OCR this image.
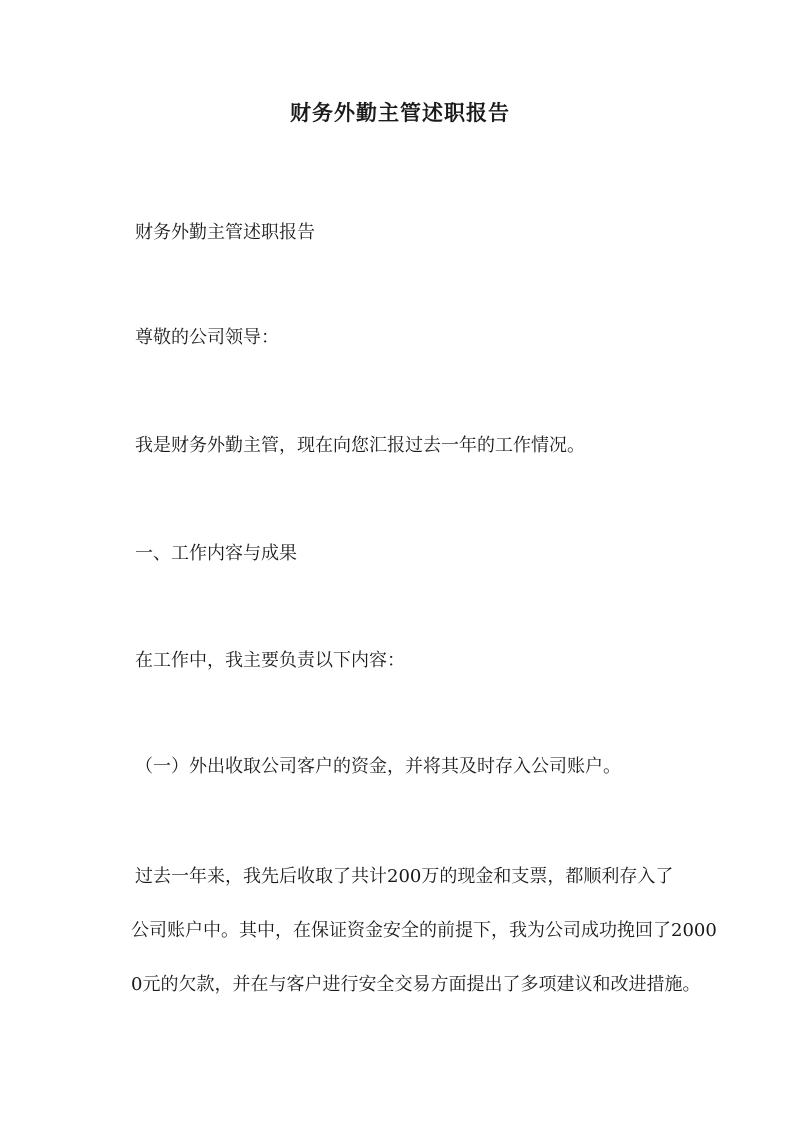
财务外勤主管述职报告
财务外勤主管述职报告
尊敬的公司领导：
我是财务外勤主管，现在向您汇报过去一年的工作情况。
一、工作内容与成果
在工作中，我主要负责以下内容：
（一）外出收取公司客户的资金，并将其及时存入公司账户。
过去一年来，我先后收取了共计200万的现金和支票，都顺利存入了
公司账户中。其中，在保证资金安全的前提下，我为公司成功挽回了2000
0元的欠款，并在与客户进行安全交易方面提出了多项建议和改进措施。
